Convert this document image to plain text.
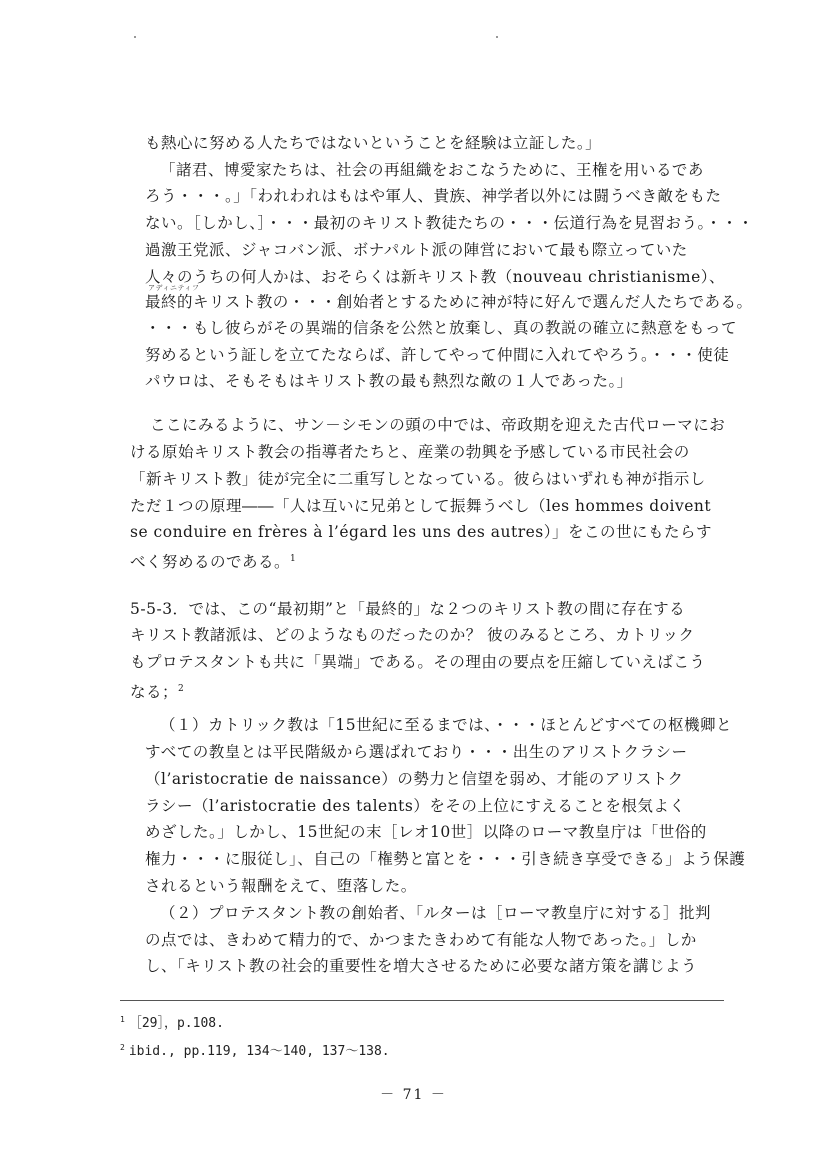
も熱心に努める人たちではないということを経験は立証した。」
「諸君、博愛家たちは、社会の再組織をおこなうために、王権を用いるであ
ろう・・・。」「われわれはもはや軍人、貴族、神学者以外には闘うべき敵をもた
ない。［しかし、］・・・最初のキリスト教徒たちの・・・伝道行為を見習おう。・・・
過激王党派、ジャコバン派、ボナパルト派の陣営において最も際立っていた
人々のうちの何人かは、おそらくは新キリスト教（nouveau christianisme）、
アディニティフ
最終的キリスト教の・・・創始者とするために神が特に好んで選んだ人たちである。
・・・もし彼らがその異端的信条を公然と放棄し、真の教説の確立に熱意をもって
努めるという証しを立てたならば、許してやって仲間に入れてやろう。・・・使徒
パウロは、そもそもはキリスト教の最も熱烈な敵の１人であった。」
ここにみるように、サン－シモンの頭の中では、帝政期を迎えた古代ローマにお
ける原始キリスト教会の指導者たちと、産業の勃興を予感している市民社会の
「新キリスト教」徒が完全に二重写しとなっている。彼らはいずれも神が指示し
ただ１つの原理――「人は互いに兄弟として振舞うべし（les hommes doivent
se conduire en frères à l’égard les uns des autres）」をこの世にもたらす
べく努めるのである。$^1$
5-5-3．では、この“最初期”と「最終的」な２つのキリスト教の間に存在する
キリスト教諸派は、どのようなものだったのか？ 彼のみるところ、カトリック
もプロテスタントも共に「異端」である。その理由の要点を圧縮していえばこう
なる；$^2$
（１）カトリック教は「15世紀に至るまでは、・・・ほとんどすべての枢機卿と
すべての教皇とは平民階級から選ばれており・・・出生のアリストクラシー
（l’aristocratie de naissance）の勢力と信望を弱め、才能のアリストク
ラシー（l’aristocratie des talents）をその上位にすえることを根気よく
めざした。」しかし、15世紀の末［レオ10世］以降のローマ教皇庁は「世俗的
権力・・・に服従し」、自己の「権勢と富とを・・・引き続き享受できる」よう保護
されるという報酬をえて、堕落した。
（２）プロテスタント教の創始者、「ルターは［ローマ教皇庁に対する］批判
の点では、きわめて精力的で、かつまたきわめて有能な人物であった。」しか
し、「キリスト教の社会的重要性を増大させるために必要な諸方策を講じよう
$^1$ ［29］，p.108.
$^2$ ibid., pp.119, 134～140, 137～138.
－ 71 －
